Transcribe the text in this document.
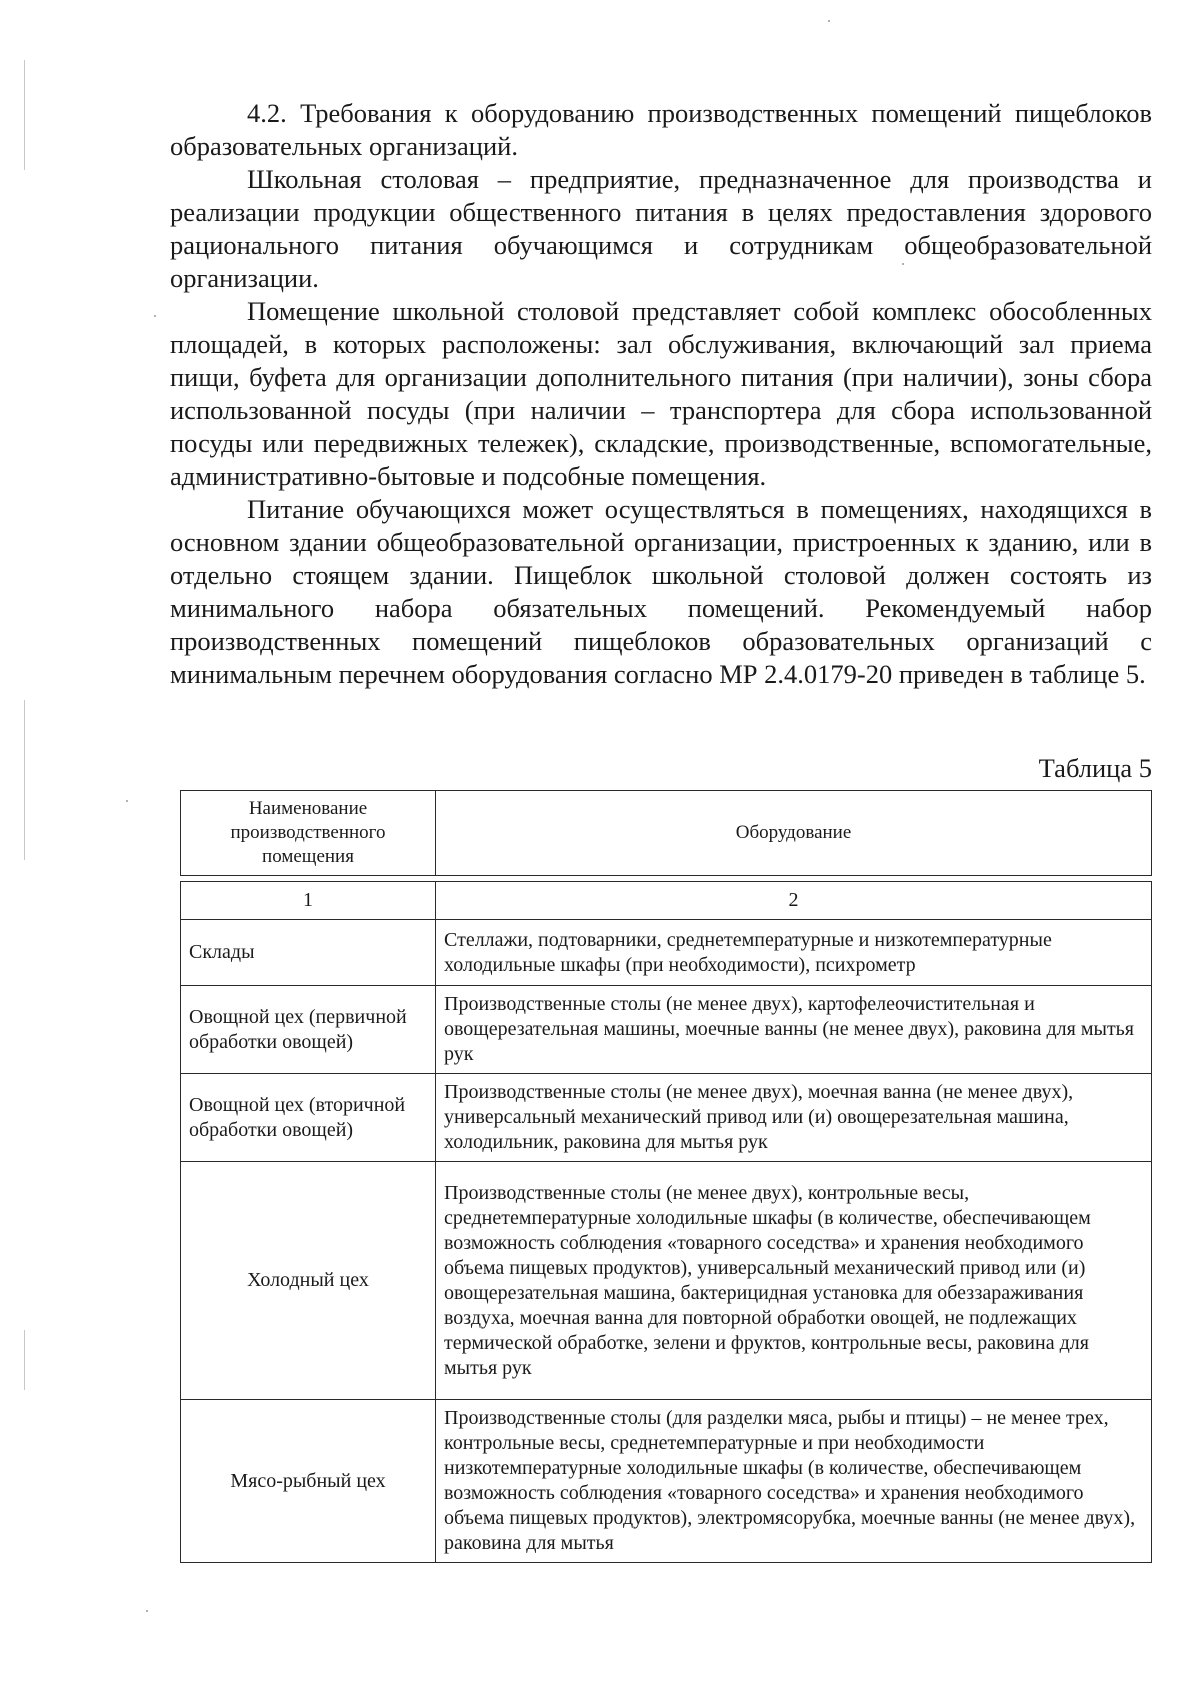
4.2. Требования к оборудованию производственных помещений пищеблоков образовательных организаций.

Школьная столовая – предприятие, предназначенное для производства и реализации продукции общественного питания в целях предоставления здорового рационального питания обучающимся и сотрудникам общеобразовательной организации.

Помещение школьной столовой представляет собой комплекс обособленных площадей, в которых расположены: зал обслуживания, включающий зал приема пищи, буфета для организации дополнительного питания (при наличии), зоны сбора использованной посуды (при наличии – транспортера для сбора использованной посуды или передвижных тележек), складские, производственные, вспомогательные, административно-бытовые и подсобные помещения.

Питание обучающихся может осуществляться в помещениях, находящихся в основном здании общеобразовательной организации, пристроенных к зданию, или в отдельно стоящем здании. Пищеблок школьной столовой должен состоять из минимального набора обязательных помещений. Рекомендуемый набор производственных помещений пищеблоков образовательных организаций с минимальным перечнем оборудования согласно МР 2.4.0179-20 приведен в таблице 5.

Таблица 5
Наименование производственного помещения	Оборудование

1	2
Склады	Стеллажи, подтоварники, среднетемпературные и низкотемпературные холодильные шкафы (при необходимости), психрометр
Овощной цех (первичной обработки овощей)	Производственные столы (не менее двух), картофелеочистительная и овощерезательная машины, моечные ванны (не менее двух), раковина для мытья рук
Овощной цех (вторичной обработки овощей)	Производственные столы (не менее двух), моечная ванна (не менее двух), универсальный механический привод или (и) овощерезательная машина, холодильник, раковина для мытья рук
Холодный цех	Производственные столы (не менее двух), контрольные весы, среднетемпературные холодильные шкафы (в количестве, обеспечивающем возможность соблюдения «товарного соседства» и хранения необходимого объема пищевых продуктов), универсальный механический привод или (и) овощерезательная машина, бактерицидная установка для обеззараживания воздуха, моечная ванна для повторной обработки овощей, не подлежащих термической обработке, зелени и фруктов, контрольные весы, раковина для мытья рук
Мясо-рыбный цех	Производственные столы (для разделки мяса, рыбы и птицы) – не менее трех, контрольные весы, среднетемпературные и при необходимости низкотемпературные холодильные шкафы (в количестве, обеспечивающем возможность соблюдения «товарного соседства» и хранения необходимого объема пищевых продуктов), электромясорубка, моечные ванны (не менее двух), раковина для мытья
